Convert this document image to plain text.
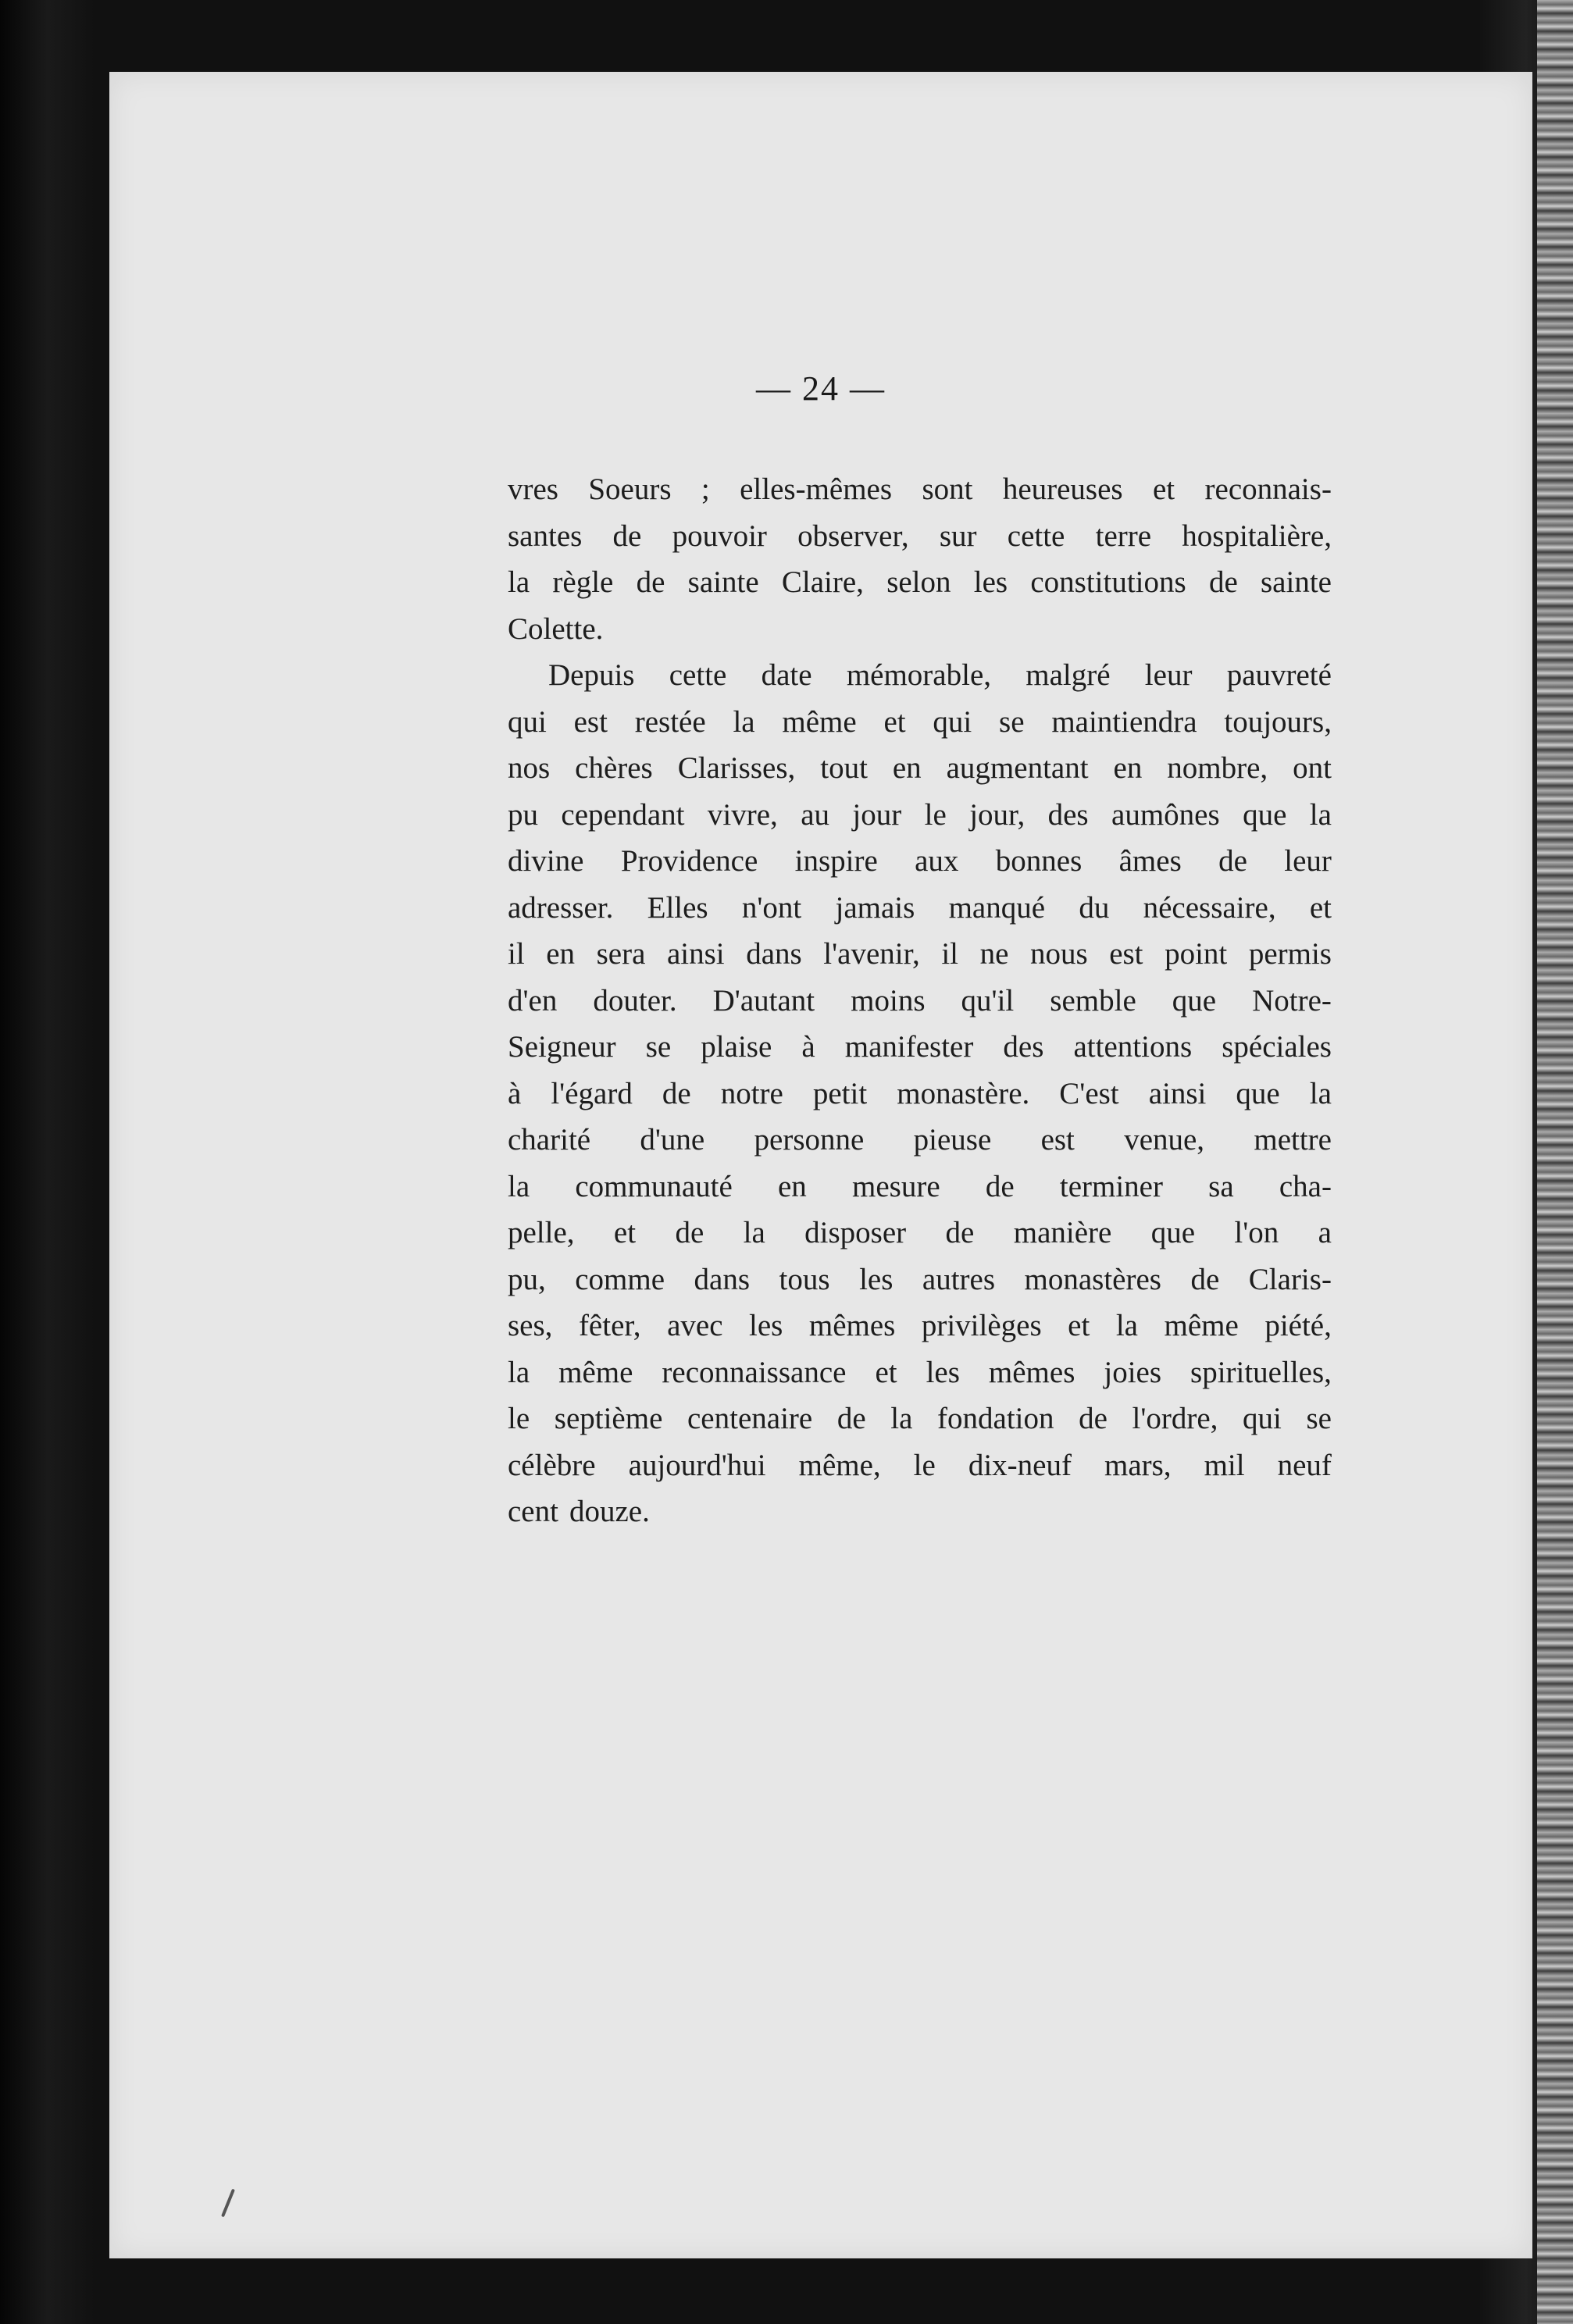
— 24 —
vres Soeurs ; elles-mêmes sont heureuses et reconnais-
santes de pouvoir observer, sur cette terre hospitalière,
la règle de sainte Claire, selon les constitutions de sainte
Colette.
Depuis cette date mémorable, malgré leur pauvreté
qui est restée la même et qui se maintiendra toujours,
nos chères Clarisses, tout en augmentant en nombre, ont
pu cependant vivre, au jour le jour, des aumônes que la
divine Providence inspire aux bonnes âmes de leur
adresser. Elles n'ont jamais manqué du nécessaire, et
il en sera ainsi dans l'avenir, il ne nous est point permis
d'en douter. D'autant moins qu'il semble que Notre-
Seigneur se plaise à manifester des attentions spéciales
à l'égard de notre petit monastère. C'est ainsi que la
charité d'une personne pieuse est venue, mettre
la communauté en mesure de terminer sa cha-
pelle, et de la disposer de manière que l'on a
pu, comme dans tous les autres monastères de Claris-
ses, fêter, avec les mêmes privilèges et la même piété,
la même reconnaissance et les mêmes joies spirituelles,
le septième centenaire de la fondation de l'ordre, qui se
célèbre aujourd'hui même, le dix-neuf mars, mil neuf
cent douze.
